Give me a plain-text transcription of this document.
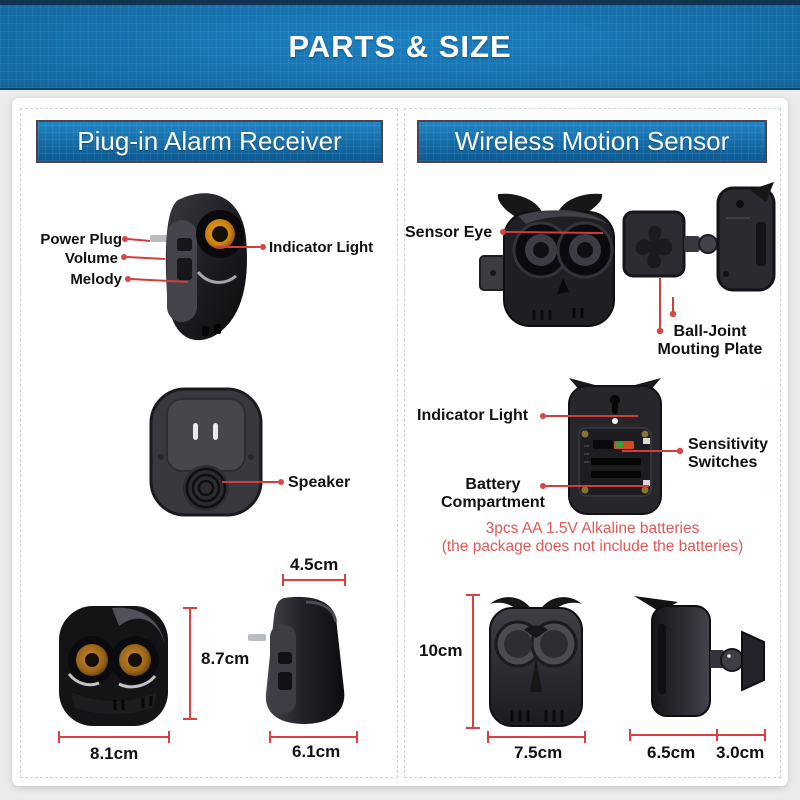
PARTS & SIZE
Piug-in Alarm Receiver	Wireless Motion Sensor
Power Plug
Volume
Melody
Indicator Light
Speaker
4.5cm
8.7cm
8.1cm	6.1cm
Sensor Eye
Ball-Joint
Mouting Plate
Indicator Light
Sensitivity
Switches
Battery
Compartment
3pcs AA 1.5V Alkaline batteries
(the package does not include the batteries)
10cm
7.5cm	6.5cm 3.0cm
